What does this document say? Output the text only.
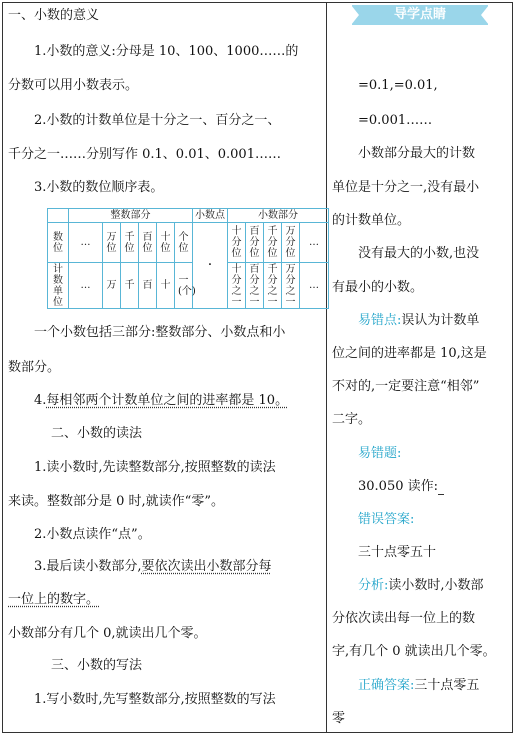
一、小数的意义
1.小数的意义:分母是 10、100、1000……的
分数可以用小数表示。
2.小数的计数单位是十分之一、百分之一、
千分之一……分别写作 0.1、0.01、0.001……
3.小数的数位顺序表。
	整数部分						小数点	小数部分				
数位	…	万位	千位	百位	十位	个位	·	十分位	百分位	千分位	万分位	…
计数单位	…	万	千	百	十	一(个)		十分之一	百分之一	千分之一	万分之一	…
一个小数包括三部分:整数部分、小数点和小
数部分。
4.每相邻两个计数单位之间的进率都是 10。
二、小数的读法
1.读小数时,先读整数部分,按照整数的读法
来读。整数部分是 0 时,就读作“零”。
2.小数点读作“点”。
3.最后读小数部分,要依次读出小数部分每
一位上的数字。
小数部分有几个 0,就读出几个零。
三、小数的写法
1.写小数时,先写整数部分,按照整数的写法
导学点睛
=0.1,=0.01,
=0.001……
小数部分最大的计数
单位是十分之一,没有最小
的计数单位。
没有最大的小数,也没
有最小的小数。
易错点:误认为计数单
位之间的进率都是 10,这是
不对的,一定要注意“相邻”
二字。
易错题:
30.050 读作:
错误答案:
三十点零五十
分析:读小数时,小数部
分依次读出每一位上的数
字,有几个 0 就读出几个零。
正确答案:三十点零五
零
